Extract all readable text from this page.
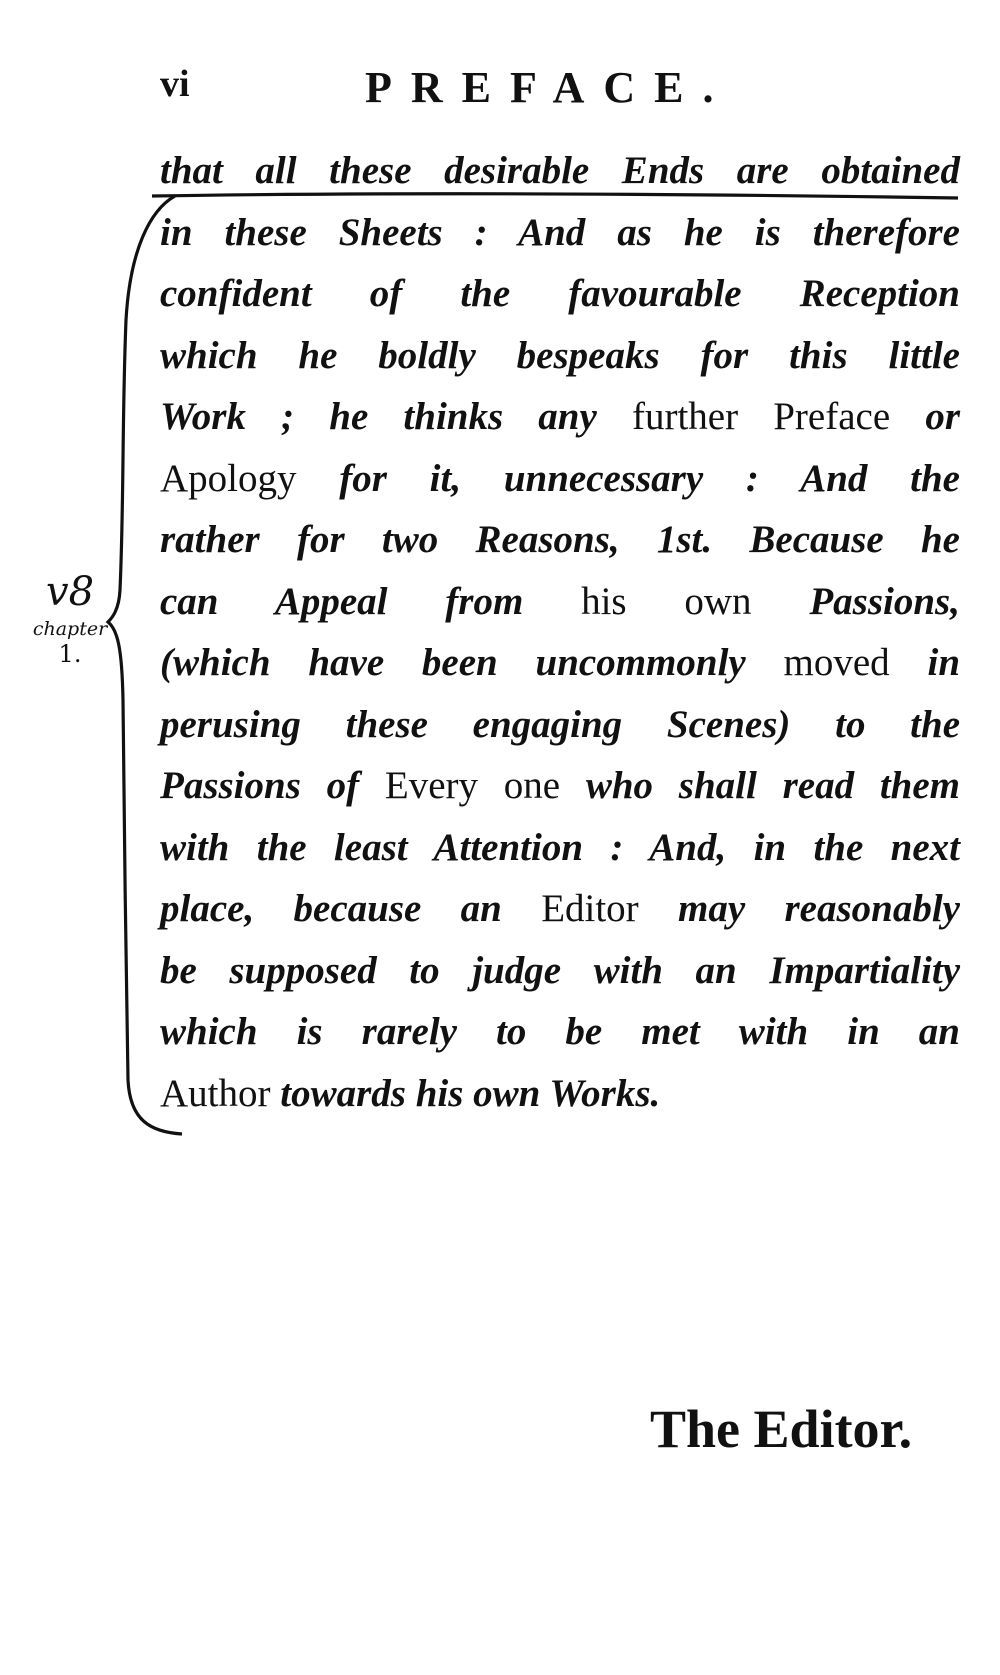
vi	PREFACE.
that all these desirable Ends are obtained
in these Sheets : And as he is therefore
confident of the favourable Reception
which he boldly bespeaks for this little
Work ; he thinks any further Preface or
Apology for it, unnecessary : And the
rather for two Reasons, 1st. Because he
can Appeal from his own Passions,
(which have been uncommonly moved in
perusing these engaging Scenes) to the
Passions of Every one who shall read them
with the least Attention : And, in the next
place, because an Editor may reasonably
be supposed to judge with an Impartiality
which is rarely to be met with in an
Author towards his own Works.
The Editor.
v8
chapter
1.
